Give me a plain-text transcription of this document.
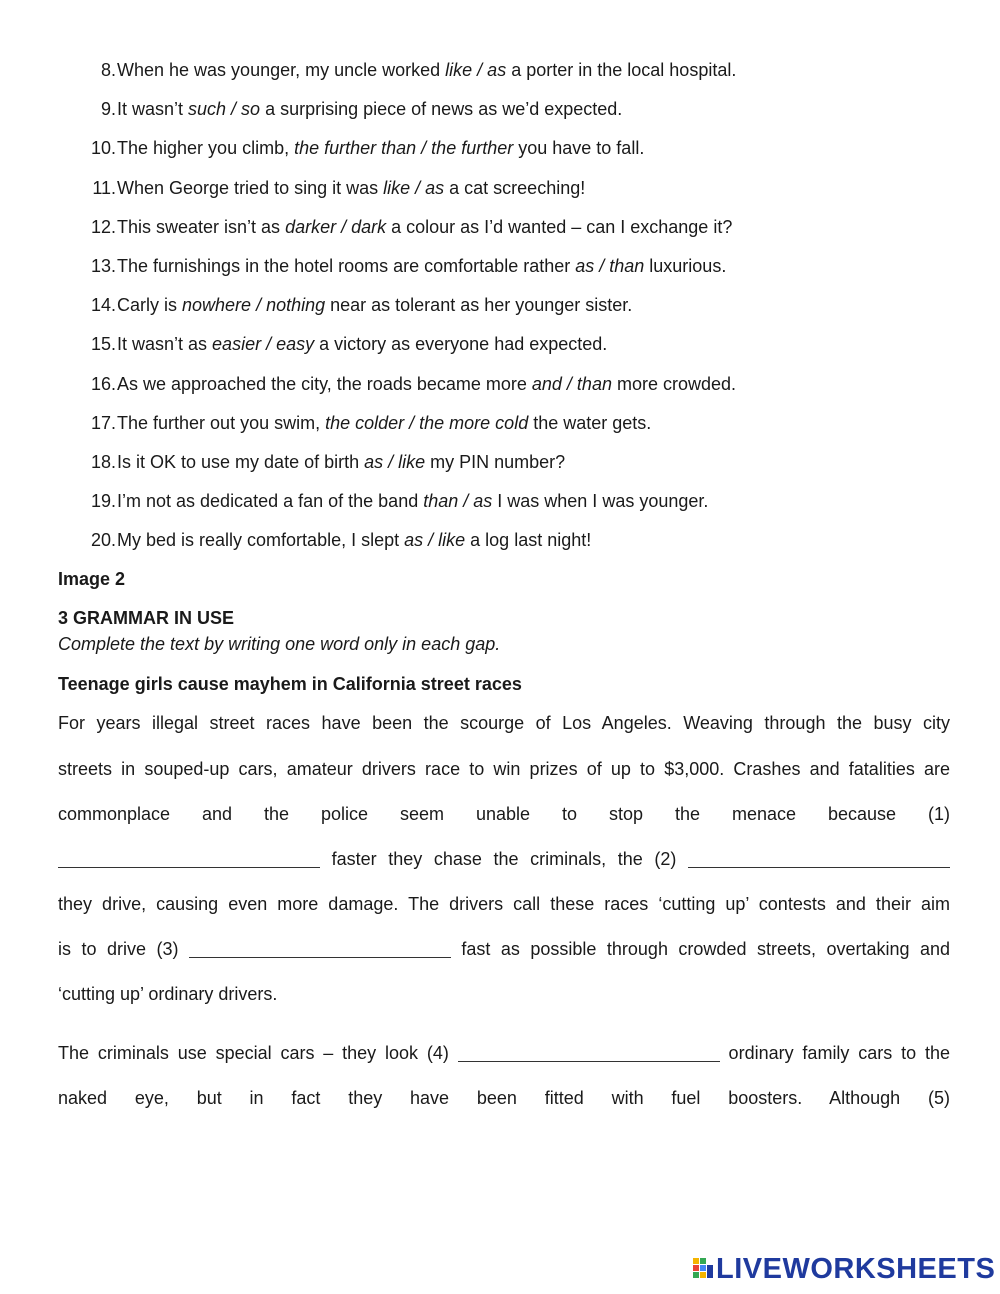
8. When he was younger, my uncle worked like / as a porter in the local hospital.
9. It wasn’t such / so a surprising piece of news as we’d expected.
10. The higher you climb, the further than / the further you have to fall.
11. When George tried to sing it was like / as a cat screeching!
12. This sweater isn’t as darker / dark a colour as I’d wanted – can I exchange it?
13. The furnishings in the hotel rooms are comfortable rather as / than luxurious.
14. Carly is nowhere / nothing near as tolerant as her younger sister.
15. It wasn’t as easier / easy a victory as everyone had expected.
16. As we approached the city, the roads became more and / than more crowded.
17. The further out you swim, the colder / the more cold the water gets.
18. Is it OK to use my date of birth as / like my PIN number?
19. I’m not as dedicated a fan of the band than / as I was when I was younger.
20. My bed is really comfortable, I slept as / like a log last night!
Image 2
3 GRAMMAR IN USE
Complete the text by writing one word only in each gap.
Teenage girls cause mayhem in California street races
For years illegal street races have been the scourge of Los Angeles. Weaving through the busy city
streets in souped-up cars, amateur drivers race to win prizes of up to $3,000. Crashes and fatalities are
commonplace and the police seem unable to stop the menace because (1)
faster they chase the criminals, the (2)
they drive, causing even more damage. The drivers call these races ‘cutting up’ contests and their aim
is to drive (3)	fast as possible through crowded streets, overtaking and
‘cutting up’ ordinary drivers.
The criminals use special cars – they look (4)	ordinary family cars to the
naked eye, but in fact they have been fitted with fuel boosters. Although (5)
LIVEWORKSHEETS
